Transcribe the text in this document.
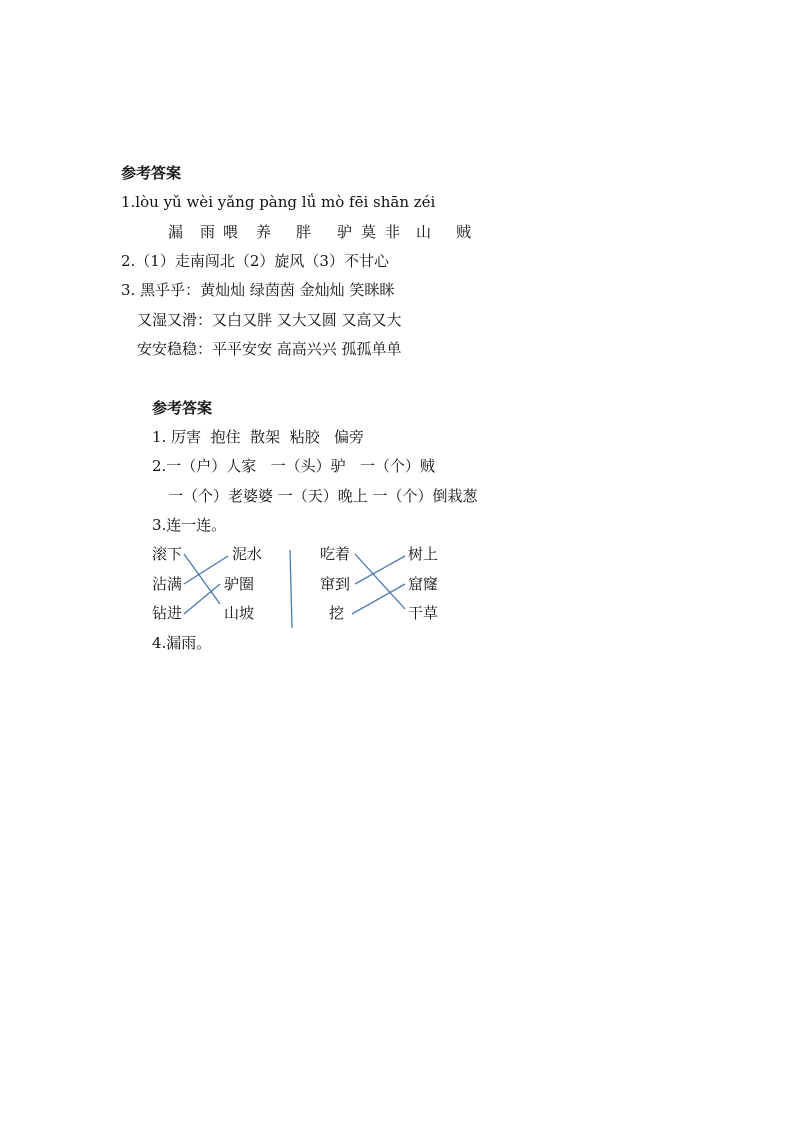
参考答案
1.lòu yǔ wèi yǎng pàng lǘ mò fēi shān zéi
漏 雨 喂 养 胖 驴 莫 非 山 贼
2.（1）走南闯北（2）旋风（3）不甘心
3. 黑乎乎：黄灿灿 绿茵茵 金灿灿 笑眯眯
又湿又滑：又白又胖 又大又圆 又高又大
安安稳稳：平平安安 高高兴兴 孤孤单单
参考答案
1. 厉害  抱住  散架  粘胶   偏旁
2.一（户）人家   一（头）驴   一（个）贼
一（个）老婆婆 一（天）晚上 一（个）倒栽葱
3.连一连。
滚下
沾满
钻进
泥水
驴圈
山坡
吃着
窜到
挖
树上
窟窿
干草
4.漏雨。
